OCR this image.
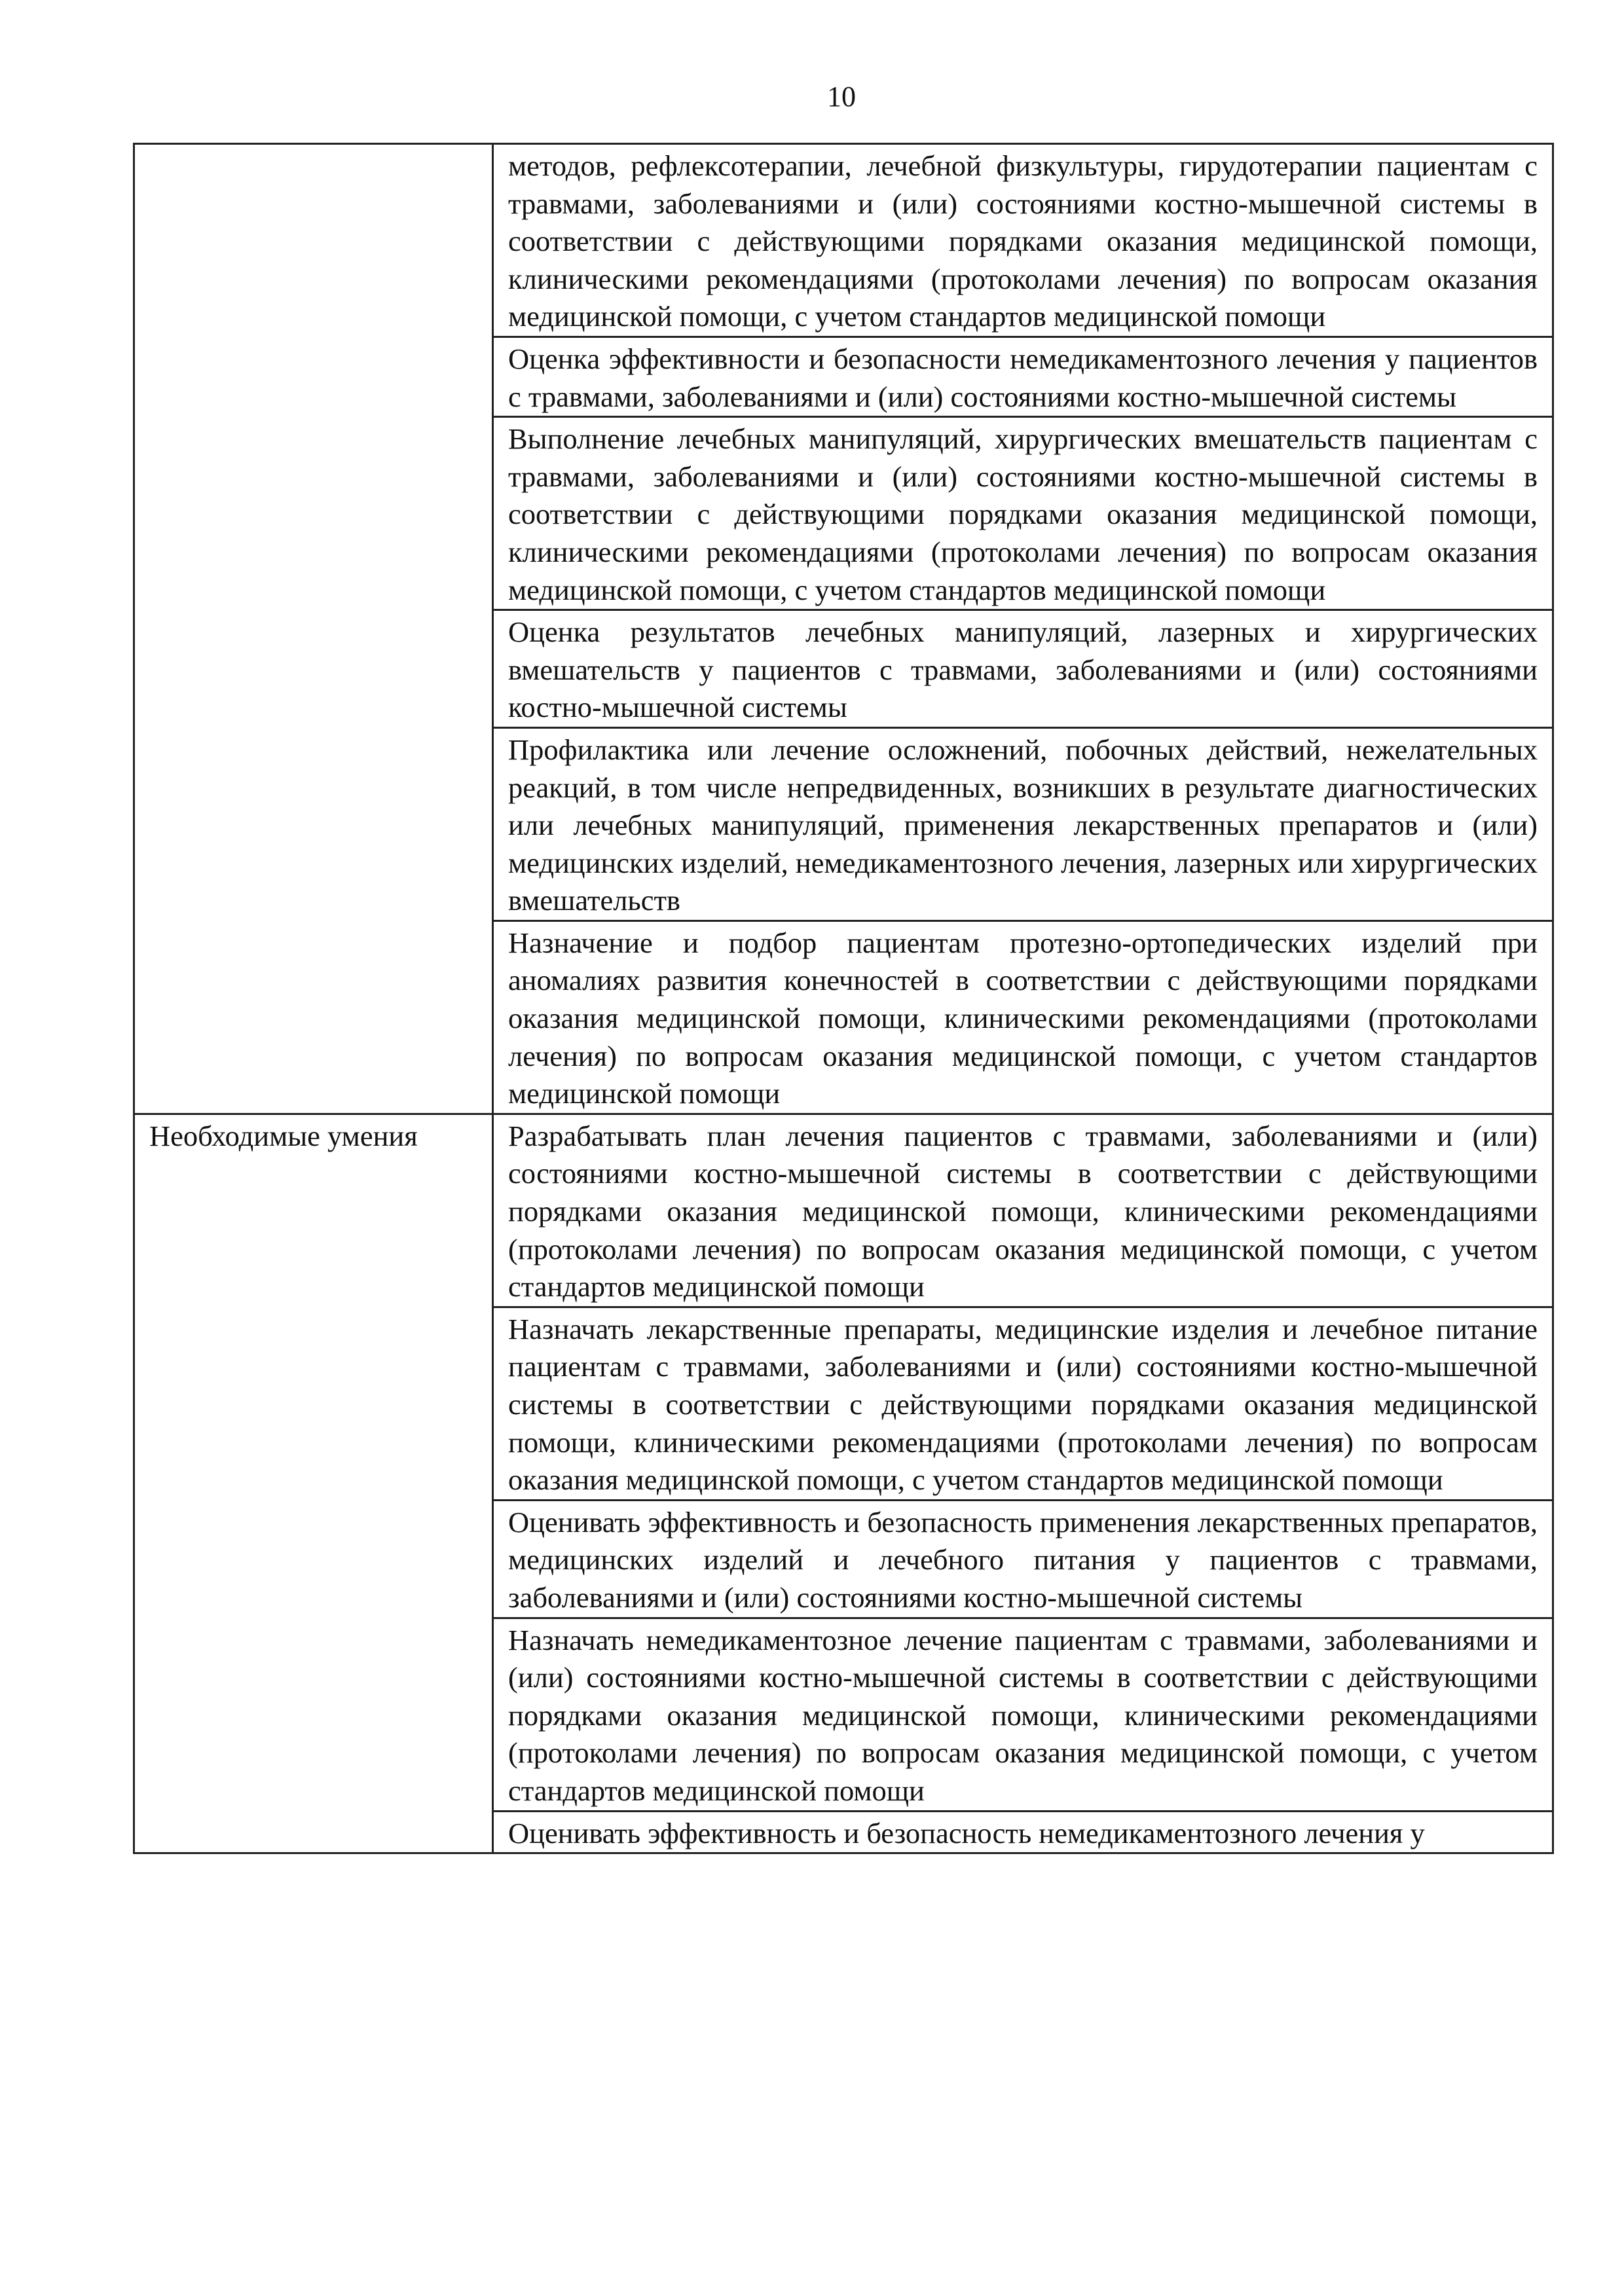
10
	методов, рефлексотерапии, лечебной физкультуры, гирудотерапии пациентам с травмами, заболеваниями и (или) состояниями костно-мышечной системы в соответствии с действующими порядками оказания медицинской помощи, клиническими рекомендациями (протоколами лечения) по вопросам оказания медицинской помощи, с учетом стандартов медицинской помощи
	Оценка эффективности и безопасности немедикаментозного лечения у пациентов с травмами, заболеваниями и (или) состояниями костно-мышечной системы
	Выполнение лечебных манипуляций, хирургических вмешательств пациентам с травмами, заболеваниями и (или) состояниями костно-мышечной системы в соответствии с действующими порядками оказания медицинской помощи, клиническими рекомендациями (протоколами лечения) по вопросам оказания медицинской помощи, с учетом стандартов медицинской помощи
	Оценка результатов лечебных манипуляций, лазерных и хирургических вмешательств у пациентов с травмами, заболеваниями и (или) состояниями костно-мышечной системы
	Профилактика или лечение осложнений, побочных действий, нежелательных реакций, в том числе непредвиденных, возникших в результате диагностических или лечебных манипуляций, применения лекарственных препаратов и (или) медицинских изделий, немедикаментозного лечения, лазерных или хирургических вмешательств
	Назначение и подбор пациентам протезно-ортопедических изделий при аномалиях развития конечностей в соответствии с действующими порядками оказания медицинской помощи, клиническими рекомендациями (протоколами лечения) по вопросам оказания медицинской помощи, с учетом стандартов медицинской помощи
Необходимые умения	Разрабатывать план лечения пациентов с травмами, заболеваниями и (или) состояниями костно-мышечной системы в соответствии с действующими порядками оказания медицинской помощи, клиническими рекомендациями (протоколами лечения) по вопросам оказания медицинской помощи, с учетом стандартов медицинской помощи
	Назначать лекарственные препараты, медицинские изделия и лечебное питание пациентам с травмами, заболеваниями и (или) состояниями костно-мышечной системы в соответствии с действующими порядками оказания медицинской помощи, клиническими рекомендациями (протоколами лечения) по вопросам оказания медицинской помощи, с учетом стандартов медицинской помощи
	Оценивать эффективность и безопасность применения лекарственных препаратов, медицинских изделий и лечебного питания у пациентов с травмами, заболеваниями и (или) состояниями костно-мышечной системы
	Назначать немедикаментозное лечение пациентам с травмами, заболеваниями и (или) состояниями костно-мышечной системы в соответствии с действующими порядками оказания медицинской помощи, клиническими рекомендациями (протоколами лечения) по вопросам оказания медицинской помощи, с учетом стандартов медицинской помощи
	Оценивать эффективность и безопасность немедикаментозного лечения у
